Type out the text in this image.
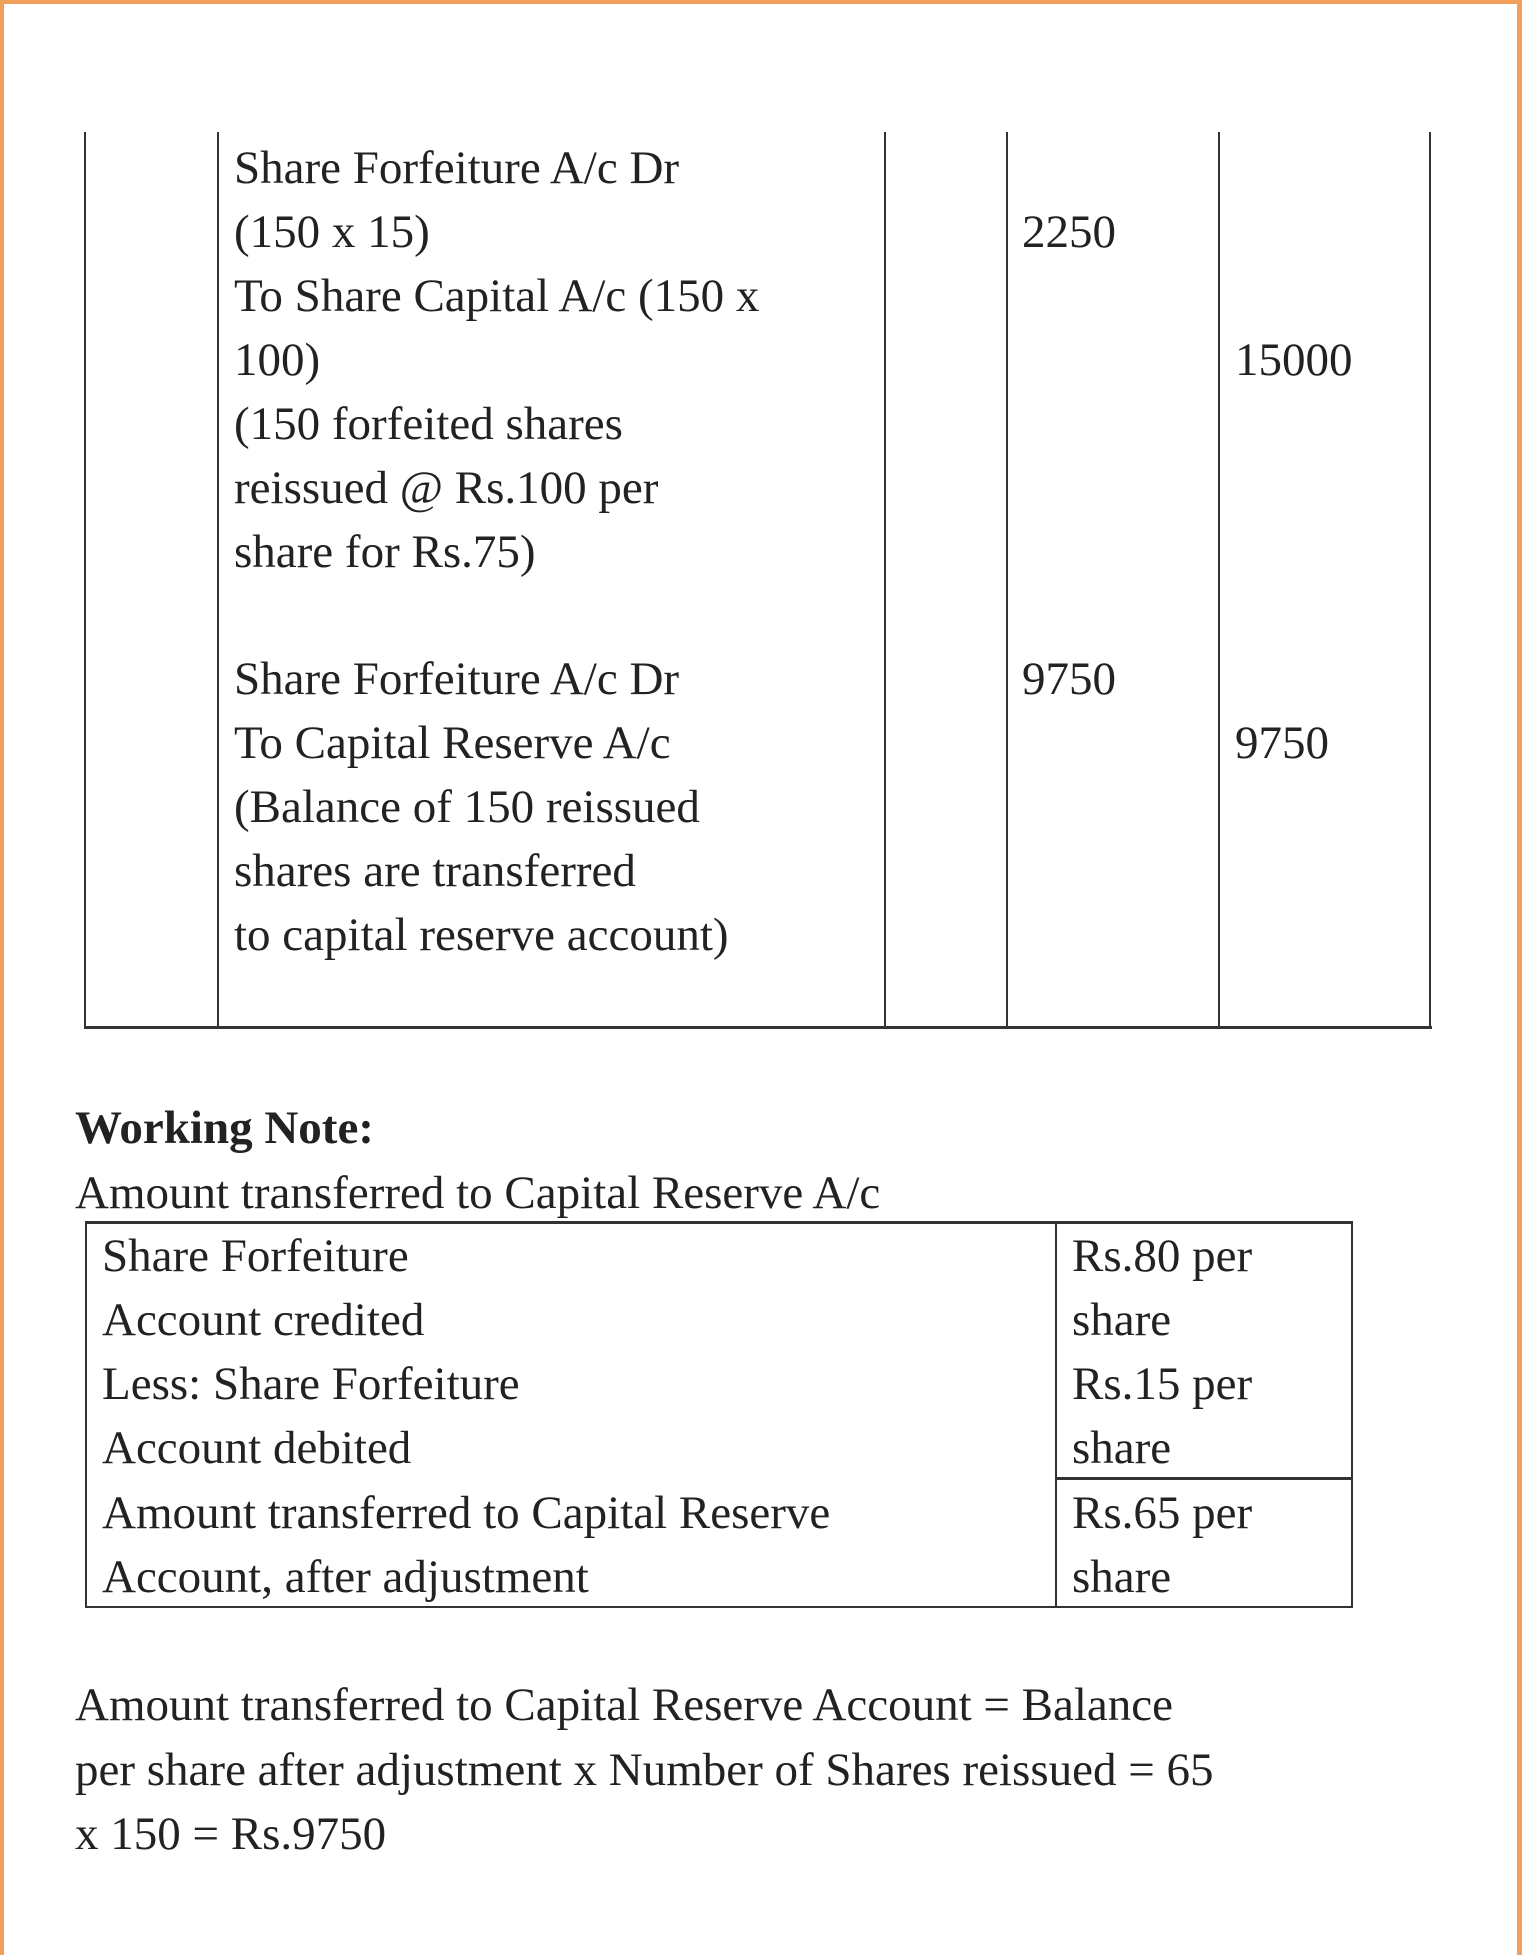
Share Forfeiture A/c Dr
(150 x 15)
To Share Capital A/c (150 x
100)
(150 forfeited shares
reissued @ Rs.100 per
share for Rs.75)
2250
15000
Share Forfeiture A/c Dr
To Capital Reserve A/c
(Balance of 150 reissued
shares are transferred
to capital reserve account)
9750
9750
Working Note:
Amount transferred to Capital Reserve A/c
Share Forfeiture
Account credited
Less: Share Forfeiture
Account debited
Amount transferred to Capital Reserve
Account, after adjustment
Rs.80 per
share
Rs.15 per
share
Rs.65 per
share
Amount transferred to Capital Reserve Account = Balance
per share after adjustment x Number of Shares reissued = 65
x 150 = Rs.9750
